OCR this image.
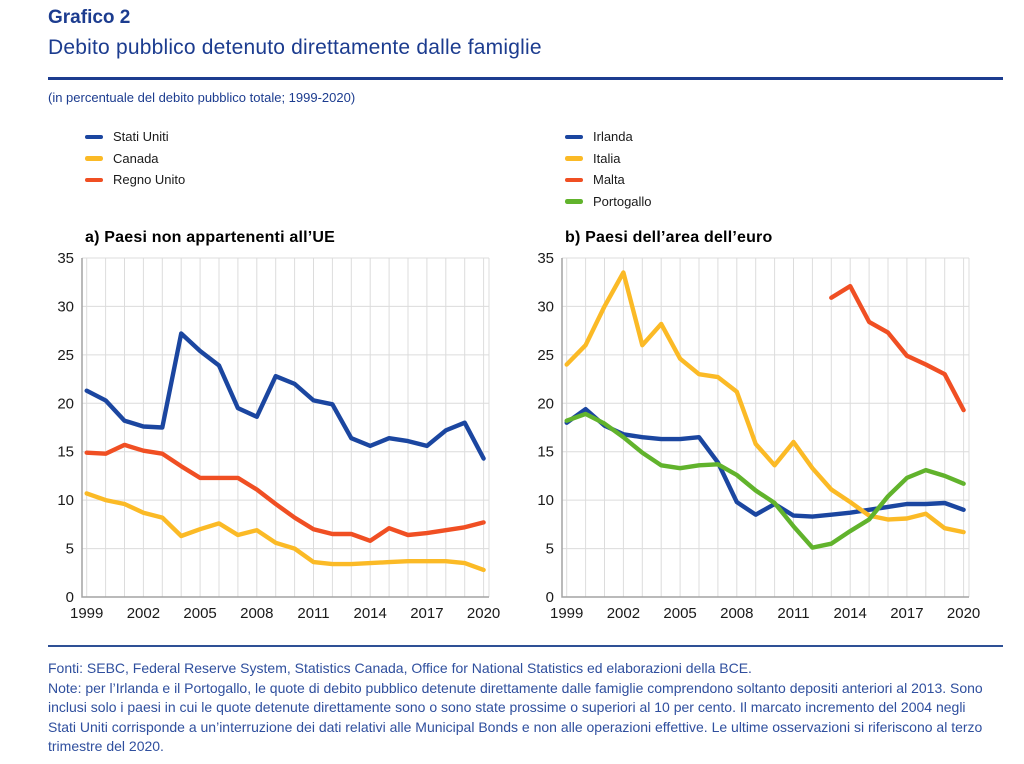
Grafico 2
Debito pubblico detenuto direttamente dalle famiglie
(in percentuale del debito pubblico totale; 1999-2020)
Stati Uniti
Canada
Regno Unito
a) Paesi non appartenenti all’UE
0
5
10
15
20
25
30
35
1999 2002 2005 2008 2011 2014 2017 2020
Irlanda
Italia
Malta
Portogallo
b) Paesi dell’area dell’euro
0
5
10
15
20
25
30
35
1999 2002 2005 2008 2011 2014 2017 2020
Fonti: SEBC, Federal Reserve System, Statistics Canada, Office for National Statistics ed elaborazioni della BCE.
Note: per l’Irlanda e il Portogallo, le quote di debito pubblico detenute direttamente dalle famiglie comprendono soltanto depositi anteriori al 2013. Sono inclusi solo i paesi in cui le quote detenute direttamente sono o sono state prossime o superiori al 10 per cento. Il marcato incremento del 2004 negli Stati Uniti corrisponde a un’interruzione dei dati relativi alle Municipal Bonds e non alle operazioni effettive. Le ultime osservazioni si riferiscono al terzo trimestre del 2020.
